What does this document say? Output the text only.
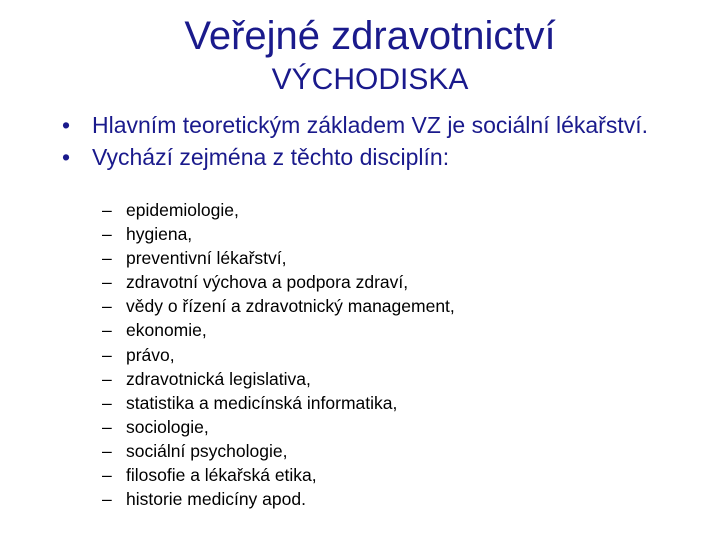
Veřejné zdravotnictví
VÝCHODISKA
• Hlavním teoretickým základem VZ je sociální lékařství.
• Vychází zejména z těchto disciplín:
– epidemiologie,
– hygiena,
– preventivní lékařství,
– zdravotní výchova a podpora zdraví,
– vědy o řízení a zdravotnický management,
– ekonomie,
– právo,
– zdravotnická legislativa,
– statistika a medicínská informatika,
– sociologie,
– sociální psychologie,
– filosofie a lékařská etika,
– historie medicíny apod.
